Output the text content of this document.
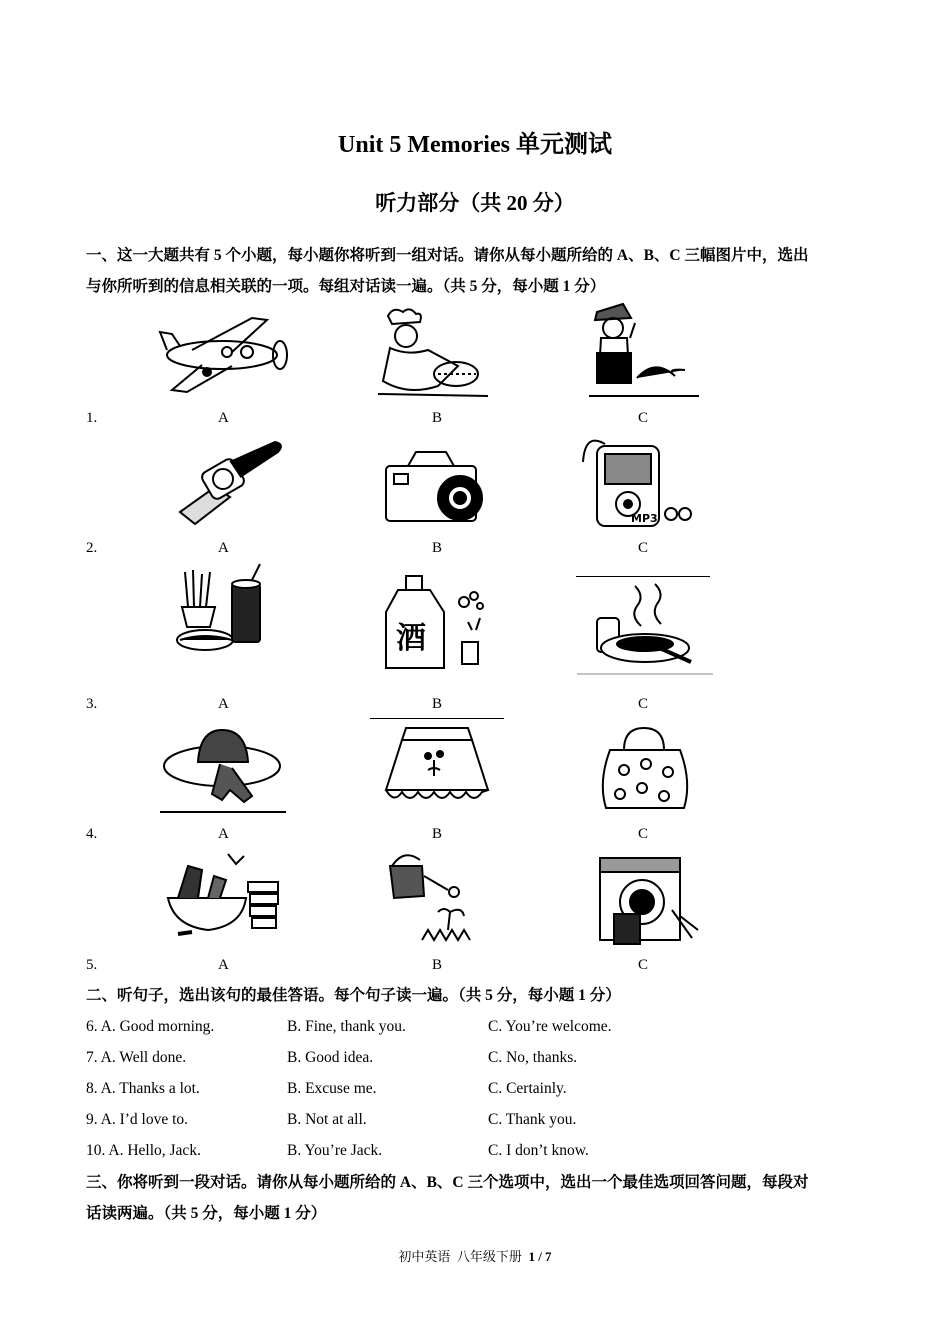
Unit 5 Memories 单元测试
听力部分（共 20 分）
一、这一大题共有 5 个小题，每小题你将听到一组对话。请你从每小题所给的 A、B、C 三幅图片中，选出
与你所听到的信息相关联的一项。每组对话读一遍。（共 5 分，每小题 1 分）
1.	A	B	C
MP3
2.	A	B	C
酒
3.	A	B	C
4.	A	B	C
5.	A	B	C
二、听句子，选出该句的最佳答语。每个句子读一遍。（共 5 分，每小题 1 分）
6. A. Good morning.	B. Fine, thank you.	C. You’re welcome.
7. A. Well done.	B. Good idea.	C. No, thanks.
8. A. Thanks a lot.	B. Excuse me.	C. Certainly.
9. A. I’d love to.	B. Not at all.	C. Thank you.
10. A. Hello, Jack.	B. You’re Jack.	C. I don’t know.
三、你将听到一段对话。请你从每小题所给的 A、B、C 三个选项中，选出一个最佳选项回答问题，每段对
话读两遍。（共 5 分，每小题 1 分）
初中英语  八年级下册  1 / 7
